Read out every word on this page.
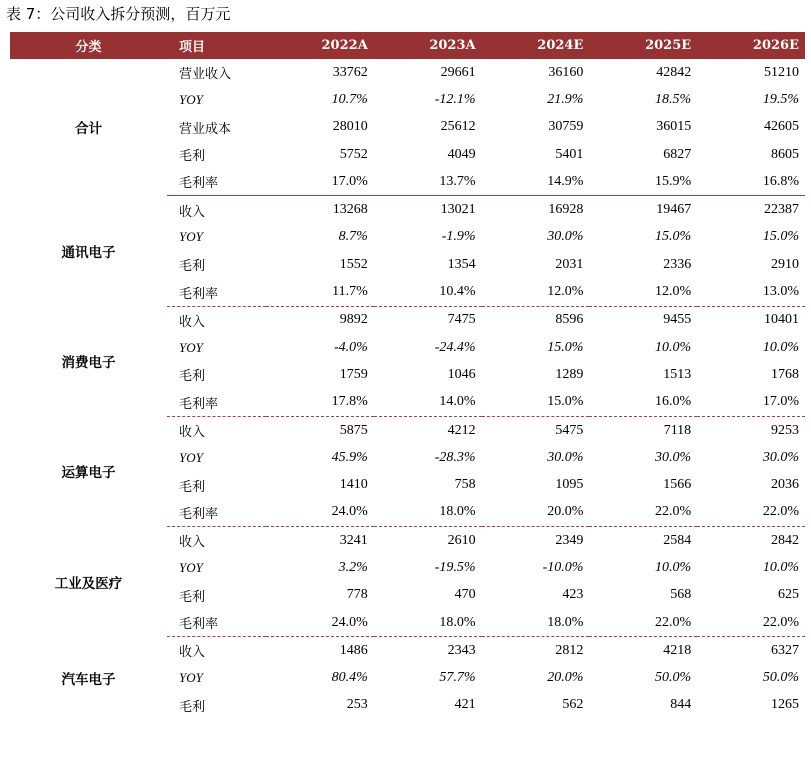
表 7：公司收入拆分预测，百万元
分类	项目	2022A	2023A	2024E	2025E	2026E
合计	营业收入	33762	29661	36160	42842	51210
	YOY	10.7%	-12.1%	21.9%	18.5%	19.5%
	营业成本	28010	25612	30759	36015	42605
	毛利	5752	4049	5401	6827	8605
	毛利率	17.0%	13.7%	14.9%	15.9%	16.8%
通讯电子	收入	13268	13021	16928	19467	22387
	YOY	8.7%	-1.9%	30.0%	15.0%	15.0%
	毛利	1552	1354	2031	2336	2910
	毛利率	11.7%	10.4%	12.0%	12.0%	13.0%
消费电子	收入	9892	7475	8596	9455	10401
	YOY	-4.0%	-24.4%	15.0%	10.0%	10.0%
	毛利	1759	1046	1289	1513	1768
	毛利率	17.8%	14.0%	15.0%	16.0%	17.0%
运算电子	收入	5875	4212	5475	7118	9253
	YOY	45.9%	-28.3%	30.0%	30.0%	30.0%
	毛利	1410	758	1095	1566	2036
	毛利率	24.0%	18.0%	20.0%	22.0%	22.0%
工业及医疗	收入	3241	2610	2349	2584	2842
	YOY	3.2%	-19.5%	-10.0%	10.0%	10.0%
	毛利	778	470	423	568	625
	毛利率	24.0%	18.0%	18.0%	22.0%	22.0%
汽车电子	收入	1486	2343	2812	4218	6327
	YOY	80.4%	57.7%	20.0%	50.0%	50.0%
	毛利	253	421	562	844	1265
